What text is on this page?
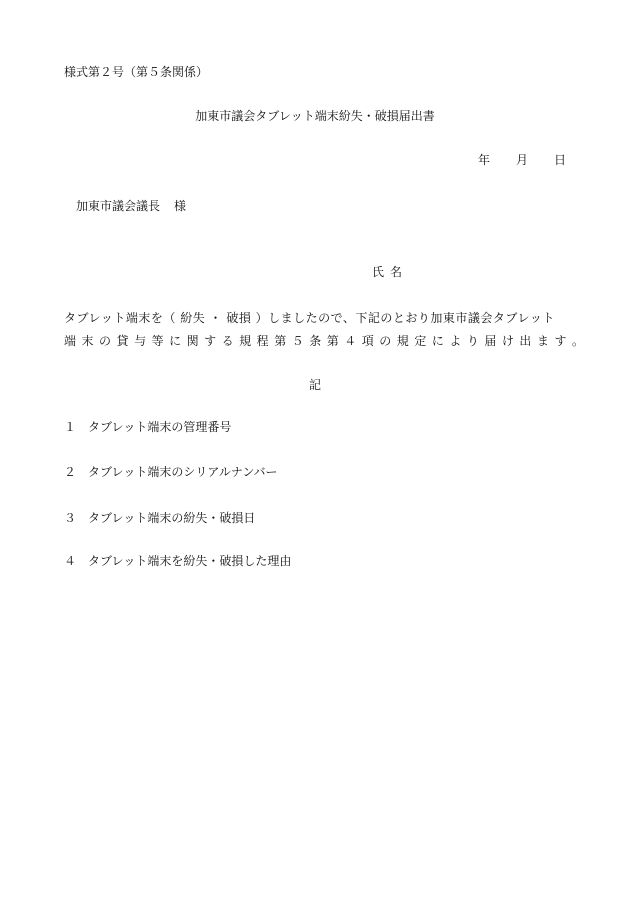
様式第２号（第５条関係）
加東市議会タブレット端末紛失・破損届出書
年 月 日
加東市議会議長 様
氏名
タブレット端末を（ 紛失 ・ 破損 ）しましたので、下記のとおり加東市議会タブレット
端 末 の 貸 与 等 に 関 す る 規 程 第 ５ 条 第 ４ 項 の 規 定 に よ り 届 け 出 ま す 。
記
１ タブレット端末の管理番号
２ タブレット端末のシリアルナンバー
３ タブレット端末の紛失・破損日
４ タブレット端末を紛失・破損した理由
